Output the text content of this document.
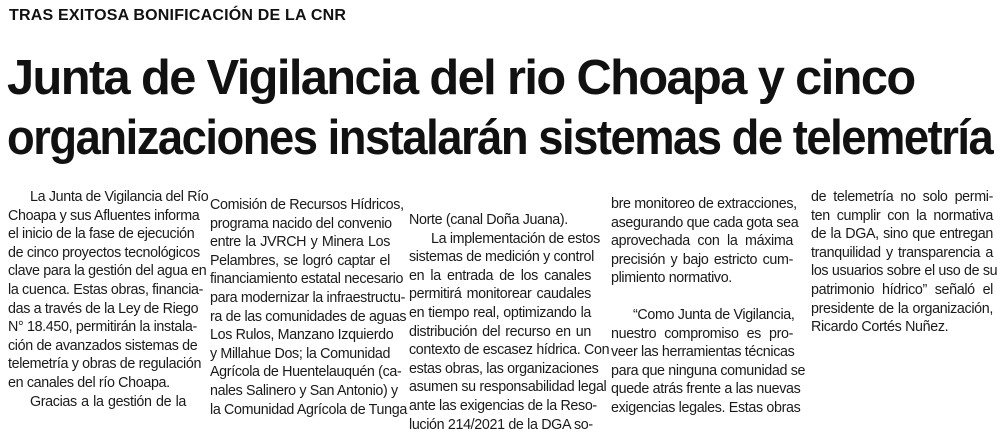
TRAS EXITOSA BONIFICACIÓN DE LA CNR
Junta de Vigilancia del rio Choapa y cinco
organizaciones instalarán sistemas de telemetría
La Junta de Vigilancia del Río
Choapa y sus Afluentes informa
el inicio de la fase de ejecución
de cinco proyectos tecnológicos
clave para la gestión del agua en
la cuenca. Estas obras, financia-
das a través de la Ley de Riego
N° 18.450, permitirán la instala-
ción de avanzados sistemas de
telemetría y obras de regulación
en canales del río Choapa.
Gracias a la gestión de la
Comisión de Recursos Hídricos,
programa nacido del convenio
entre la JVRCH y Minera Los
Pelambres, se logró captar el
financiamiento estatal necesario
para modernizar la infraestructu-
ra de las comunidades de aguas
Los Rulos, Manzano Izquierdo
y Millahue Dos; la Comunidad
Agrícola de Huentelauquén (ca-
nales Salinero y San Antonio) y
la Comunidad Agrícola de Tunga
Norte (canal Doña Juana).
La implementación de estos
sistemas de medición y control
en la entrada de los canales
permitirá monitorear caudales
en tiempo real, optimizando la
distribución del recurso en un
contexto de escasez hídrica. Con
estas obras, las organizaciones
asumen su responsabilidad legal
ante las exigencias de la Reso-
lución 214/2021 de la DGA so-
bre monitoreo de extracciones,
asegurando que cada gota sea
aprovechada con la máxima
precisión y bajo estricto cum-
plimiento normativo.
“Como Junta de Vigilancia,
nuestro compromiso es pro-
veer las herramientas técnicas
para que ninguna comunidad se
quede atrás frente a las nuevas
exigencias legales. Estas obras
de telemetría no solo permi-
ten cumplir con la normativa
de la DGA, sino que entregan
tranquilidad y transparencia a
los usuarios sobre el uso de su
patrimonio hídrico” señaló el
presidente de la organización,
Ricardo Cortés Nuñez.
